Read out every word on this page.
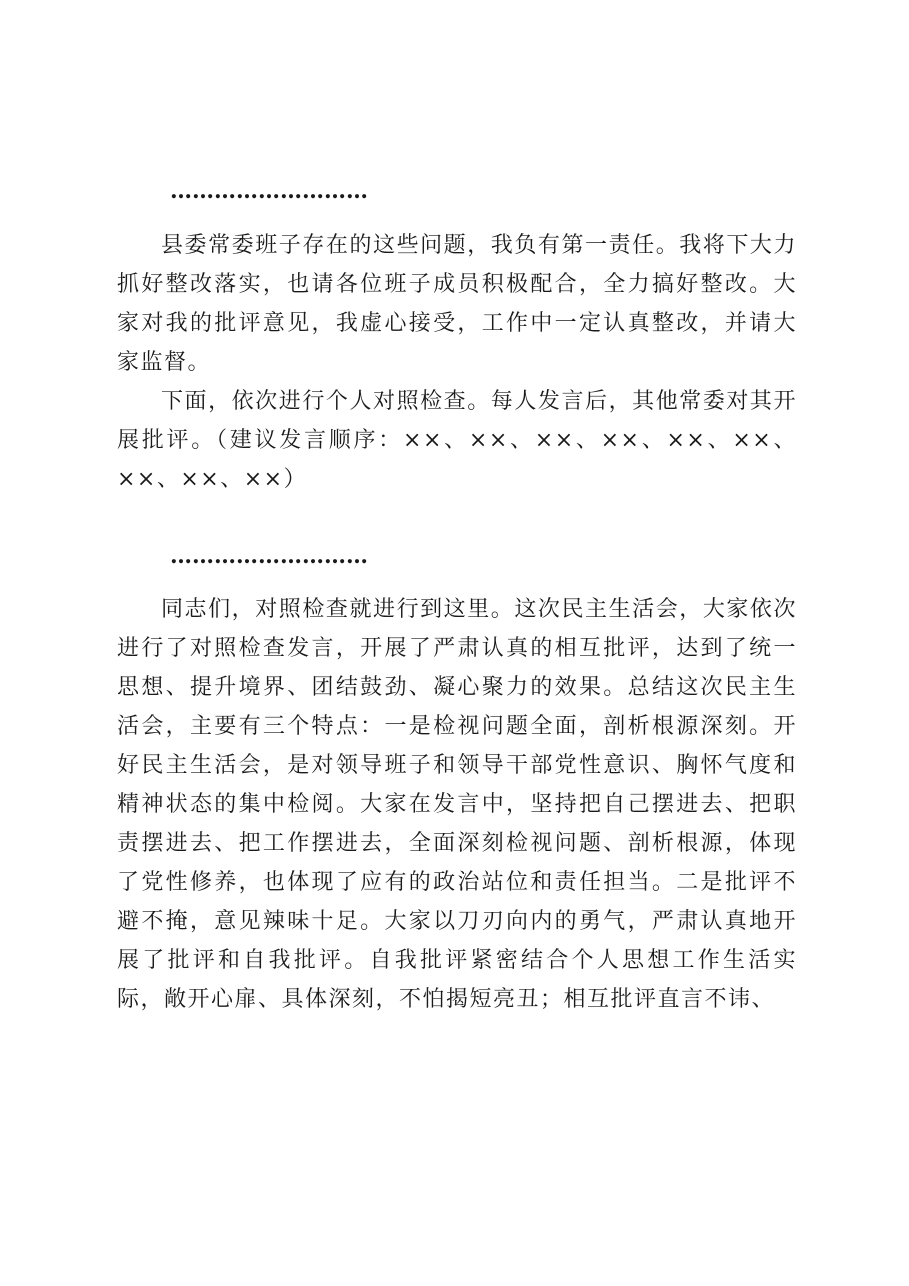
………………………

县委常委班子存在的这些问题，我负有第一责任。我将下大力抓好整改落实，也请各位班子成员积极配合，全力搞好整改。大家对我的批评意见，我虚心接受，工作中一定认真整改，并请大家监督。

下面，依次进行个人对照检查。每人发言后，其他常委对其开展批评。（建议发言顺序：××、××、××、××、××、××、××、××、××）

………………………

同志们，对照检查就进行到这里。这次民主生活会，大家依次进行了对照检查发言，开展了严肃认真的相互批评，达到了统一思想、提升境界、团结鼓劲、凝心聚力的效果。总结这次民主生活会，主要有三个特点：一是检视问题全面，剖析根源深刻。开好民主生活会，是对领导班子和领导干部党性意识、胸怀气度和精神状态的集中检阅。大家在发言中，坚持把自己摆进去、把职责摆进去、把工作摆进去，全面深刻检视问题、剖析根源，体现了党性修养，也体现了应有的政治站位和责任担当。二是批评不避不掩，意见辣味十足。大家以刀刃向内的勇气，严肃认真地开展了批评和自我批评。自我批评紧密结合个人思想工作生活实际，敞开心扉、具体深刻，不怕揭短亮丑；相互批评直言不讳、
